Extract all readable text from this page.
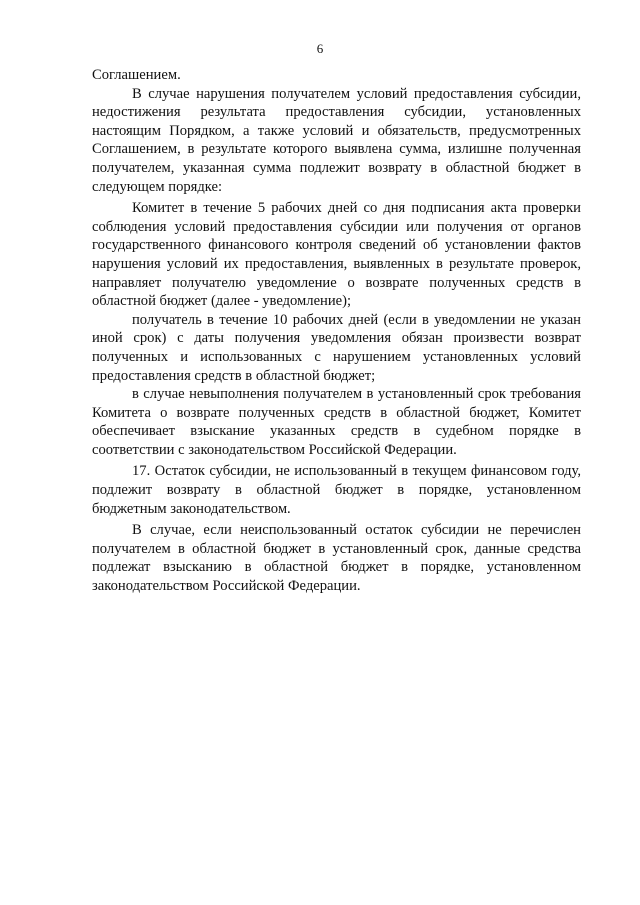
6

Соглашением.

В случае нарушения получателем условий предоставления субсидии, недостижения результата предоставления субсидии, установленных настоящим Порядком, а также условий и обязательств, предусмотренных Соглашением, в результате которого выявлена сумма, излишне полученная получателем, указанная сумма подлежит возврату в областной бюджет в следующем порядке:

Комитет в течение 5 рабочих дней со дня подписания акта проверки соблюдения условий предоставления субсидии или получения от органов государственного финансового контроля сведений об установлении фактов нарушения условий их предоставления, выявленных в результате проверок, направляет получателю уведомление о возврате полученных средств в областной бюджет (далее - уведомление);

получатель в течение 10 рабочих дней (если в уведомлении не указан иной срок) с даты получения уведомления обязан произвести возврат полученных и использованных с нарушением установленных условий предоставления средств в областной бюджет;

в случае невыполнения получателем в установленный срок требования Комитета о возврате полученных средств в областной бюджет, Комитет обеспечивает взыскание указанных средств в судебном порядке в соответствии с законодательством Российской Федерации.

17. Остаток субсидии, не использованный в текущем финансовом году, подлежит возврату в областной бюджет в порядке, установленном бюджетным законодательством.

В случае, если неиспользованный остаток субсидии не перечислен получателем в областной бюджет в установленный срок, данные средства подлежат взысканию в областной бюджет в порядке, установленном законодательством Российской Федерации.
